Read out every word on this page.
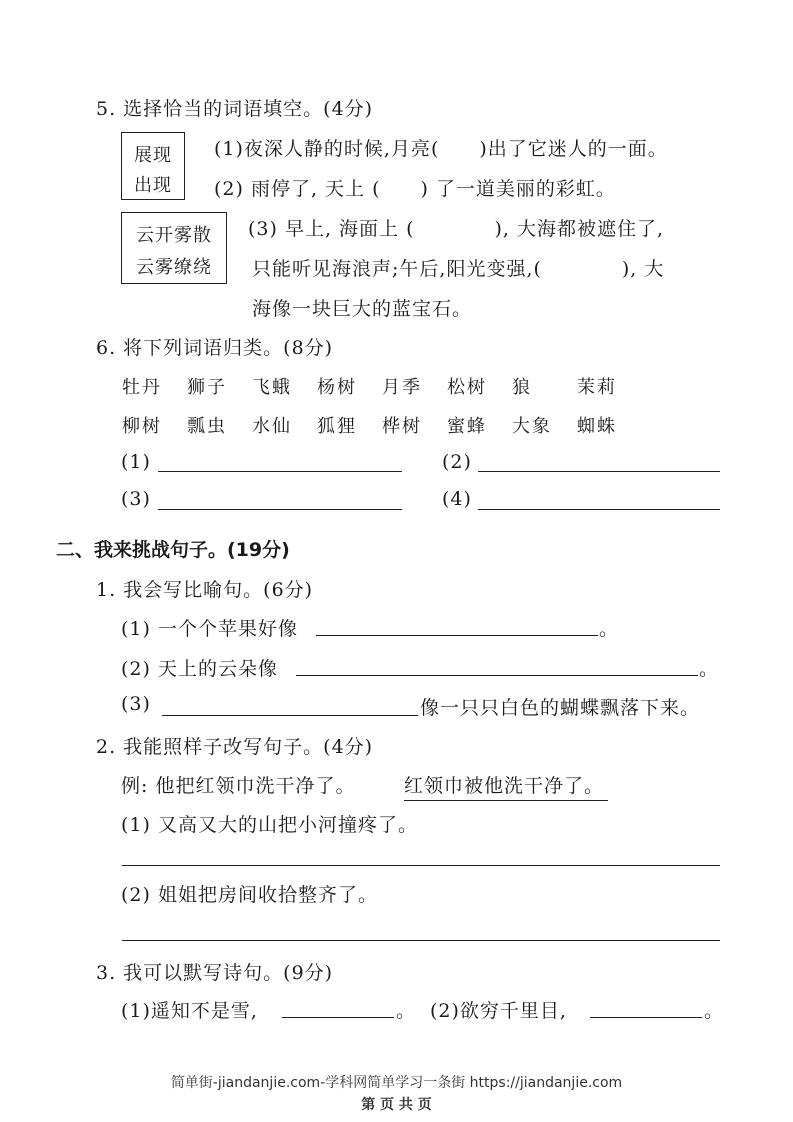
5. 选择恰当的词语填空。(4分)
展现
出现
(1)夜深人静的时候,月亮(　　)出了它迷人的一面。
(2) 雨停了, 天上 (　　) 了一道美丽的彩虹。
云开雾散
云雾缭绕
(3) 早上, 海面上 (　　　　), 大海都被遮住了,
只能听见海浪声;午后,阳光变强,(　　　　), 大
海像一块巨大的蓝宝石。
6. 将下列词语归类。(8分)
牡丹 狮子 飞蛾 杨树 月季 松树 狼	茉莉
柳树 瓢虫 水仙 狐狸 桦树 蜜蜂 大象 蜘蛛
(1)	(2)
(3)	(4)
二、我来挑战句子。(19分)
1. 我会写比喻句。(6分)
(1) 一个个苹果好像	。
(2) 天上的云朵像	。
(3)	像一只只白色的蝴蝶飘落下来。
2. 我能照样子改写句子。(4分)
例: 他把红领巾洗干净了。	红领巾被他洗干净了。
(1) 又高又大的山把小河撞疼了。
(2) 姐姐把房间收拾整齐了。
3. 我可以默写诗句。(9分)
(1)遥知不是雪,	。 (2)欲穷千里目,	。
简单街-jiandanjie.com-学科网简单学习一条街 https://jiandanjie.com
第 页 共 页
